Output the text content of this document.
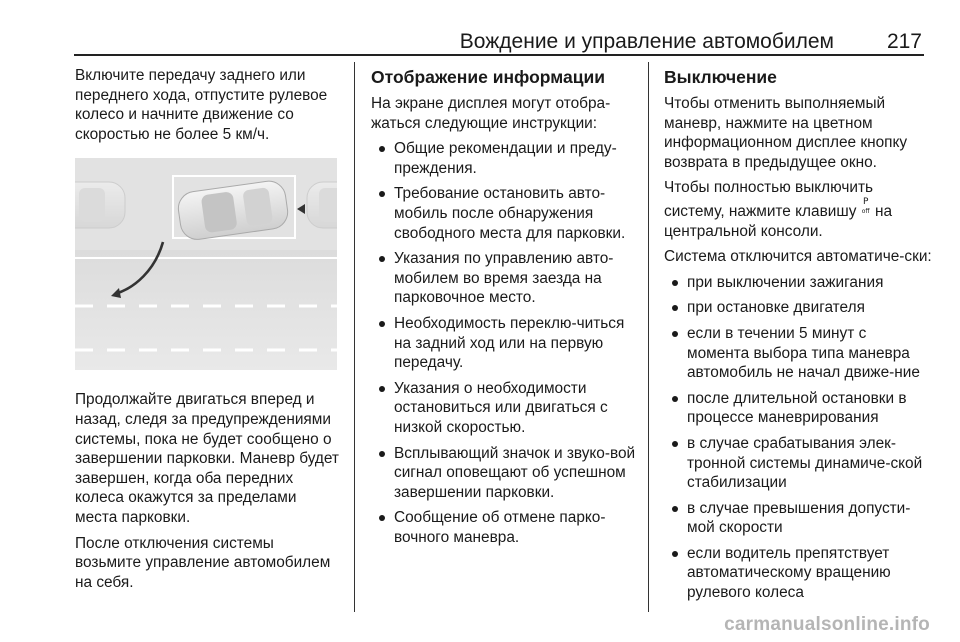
Вождение и управление автомобилем	217

Включите передачу заднего или переднего хода, отпустите рулевое колесо и начните движение со скоростью не более 5 км/ч.

Продолжайте двигаться вперед и назад, следя за предупреждениями системы, пока не будет сообщено о завершении парковки. Маневр будет завершен, когда оба передних колеса окажутся за пределами места парковки.

После отключения системы возьмите управление автомобилем на себя.

Отображение информации

На экране дисплея могут отобра-жаться следующие инструкции:

Общие рекомендации и преду-преждения.
Требование остановить авто-мобиль после обнаружения свободного места для парковки.
Указания по управлению авто-мобилем во время заезда на парковочное место.
Необходимость переклю-читься на задний ход или на первую передачу.
Указания о необходимости остановиться или двигаться с низкой скоростью.
Всплывающий значок и звуко-вой сигнал оповещают об успешном завершении парковки.
Сообщение об отмене парко-вочного маневра.
Выключение

Чтобы отменить выполняемый маневр, нажмите на цветном информационном дисплее кнопку возврата в предыдущее окно.

Чтобы полностью выключить систему, нажмите клавишу P
off на центральной консоли.

Система отключится автоматиче-ски:

при выключении зажигания
при остановке двигателя
если в течении 5 минут с момента выбора типа маневра автомобиль не начал движе-ние
после длительной остановки в процессе маневрирования
в случае срабатывания элек-тронной системы динамиче-ской стабилизации
в случае превышения допусти-мой скорости
если водитель препятствует автоматическому вращению рулевого колеса
carmanualsonline.info
